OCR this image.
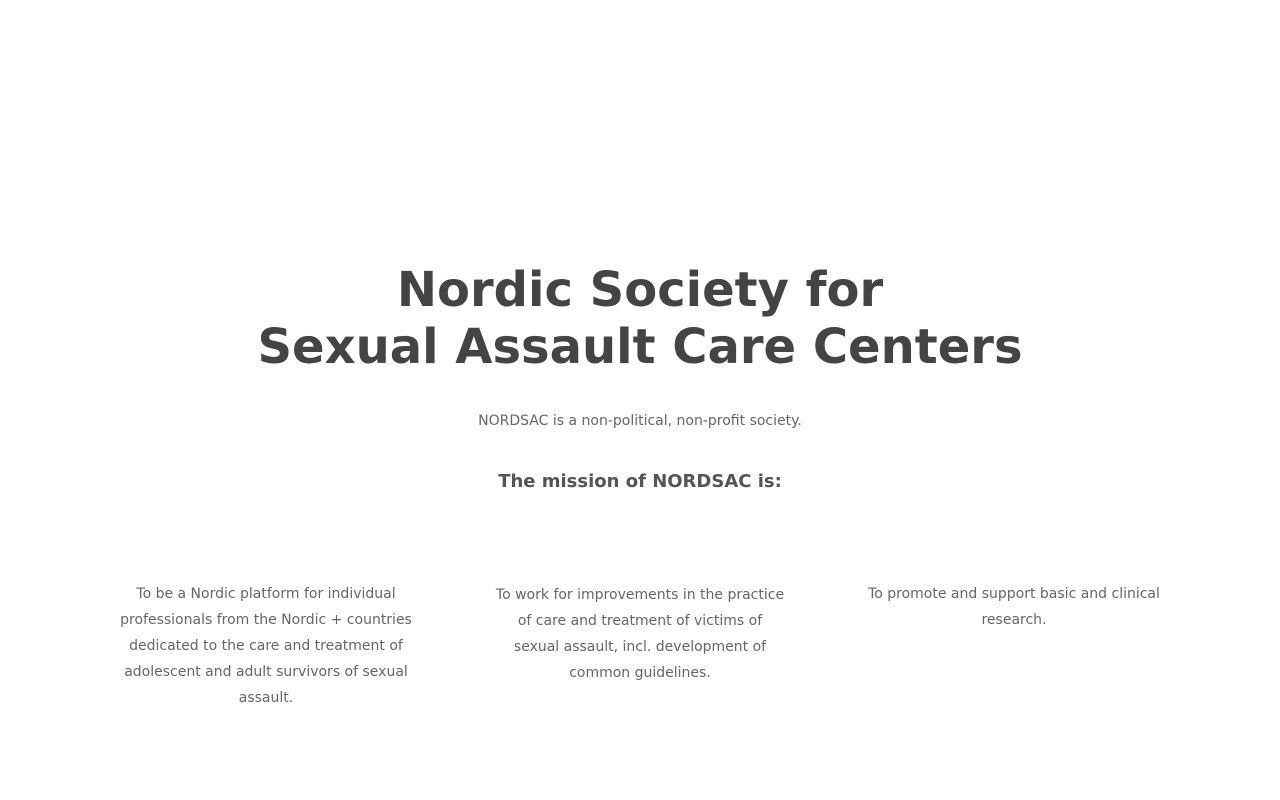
Nordic Society for
Sexual Assault Care Centers

NORDSAC is a non-political, non-profit society.

The mission of NORDSAC is:

To be a Nordic platform for individual professionals from the Nordic + countries dedicated to the care and treatment of adolescent and adult survivors of sexual assault.

To work for improvements in the practice of care and treatment of victims of sexual assault, incl. development of common guidelines.

To promote and support basic and clinical research.
